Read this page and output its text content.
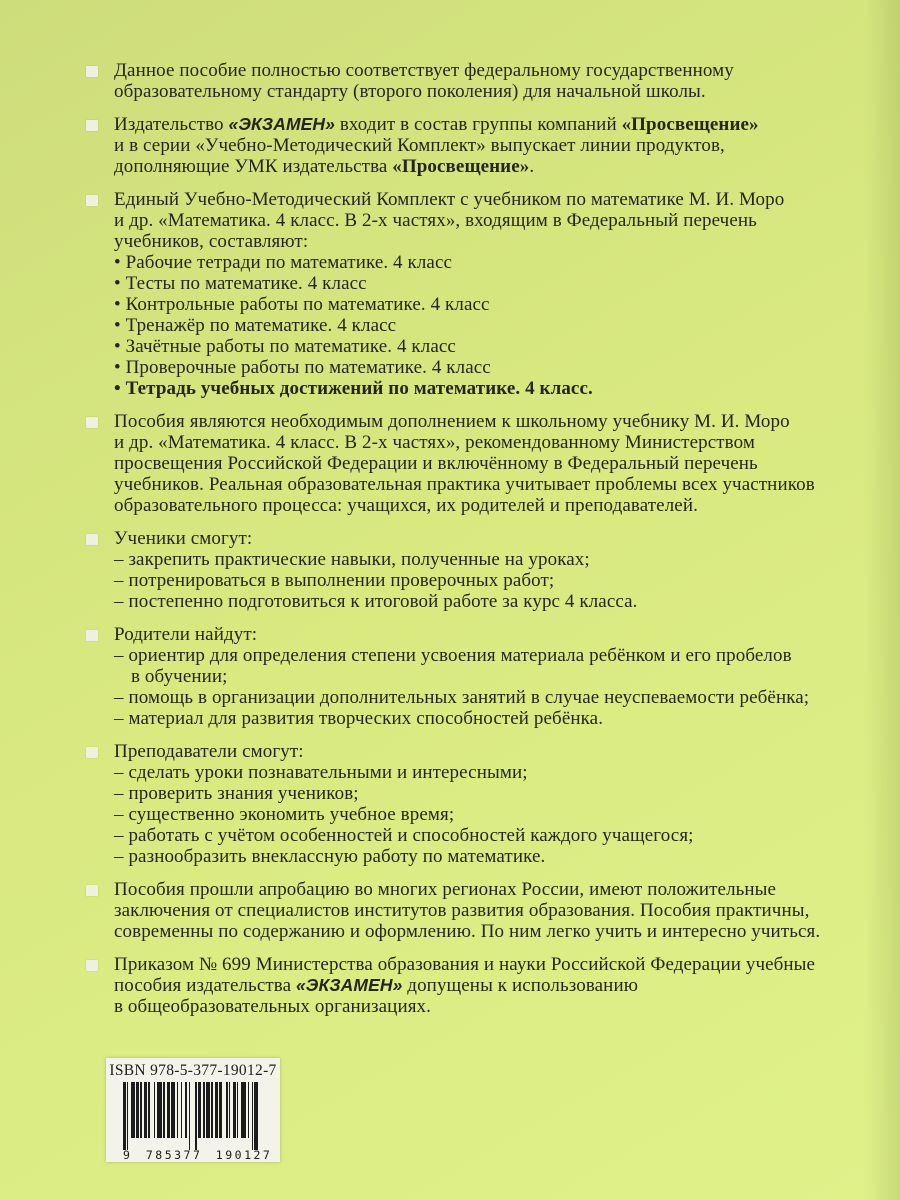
Данное пособие полностью соответствует федеральному государственному
образовательному стандарту (второго поколения) для начальной школы.
Издательство «ЭКЗАМЕН» входит в состав группы компаний «Просвещение»
и в серии «Учебно-Методический Комплект» выпускает линии продуктов,
дополняющие УМК издательства «Просвещение».
Единый Учебно-Методический Комплект с учебником по математике М. И. Моро
и др. «Математика. 4 класс. В 2-х частях», входящим в Федеральный перечень
учебников, составляют:
• Рабочие тетради по математике. 4 класс
• Тесты по математике. 4 класс
• Контрольные работы по математике. 4 класс
• Тренажёр по математике. 4 класс
• Зачётные работы по математике. 4 класс
• Проверочные работы по математике. 4 класс
• Тетрадь учебных достижений по математике. 4 класс.
Пособия являются необходимым дополнением к школьному учебнику М. И. Моро
и др. «Математика. 4 класс. В 2-х частях», рекомендованному Министерством
просвещения Российской Федерации и включённому в Федеральный перечень
учебников. Реальная образовательная практика учитывает проблемы всех участников
образовательного процесса: учащихся, их родителей и преподавателей.
Ученики смогут:
– закрепить практические навыки, полученные на уроках;
– потренироваться в выполнении проверочных работ;
– постепенно подготовиться к итоговой работе за курс 4 класса.
Родители найдут:
– ориентир для определения степени усвоения материала ребёнком и его пробелов
в обучении;
– помощь в организации дополнительных занятий в случае неуспеваемости ребёнка;
– материал для развития творческих способностей ребёнка.
Преподаватели смогут:
– сделать уроки познавательными и интересными;
– проверить знания учеников;
– существенно экономить учебное время;
– работать с учётом особенностей и способностей каждого учащегося;
– разнообразить внеклассную работу по математике.
Пособия прошли апробацию во многих регионах России, имеют положительные
заключения от специалистов институтов развития образования. Пособия практичны,
современны по содержанию и оформлению. По ним легко учить и интересно учиться.
Приказом № 699 Министерства образования и науки Российской Федерации учебные
пособия издательства «ЭКЗАМЕН» допущены к использованию
в общеобразовательных организациях.
ISBN 978-5-377-19012-7
9 785377 190127
